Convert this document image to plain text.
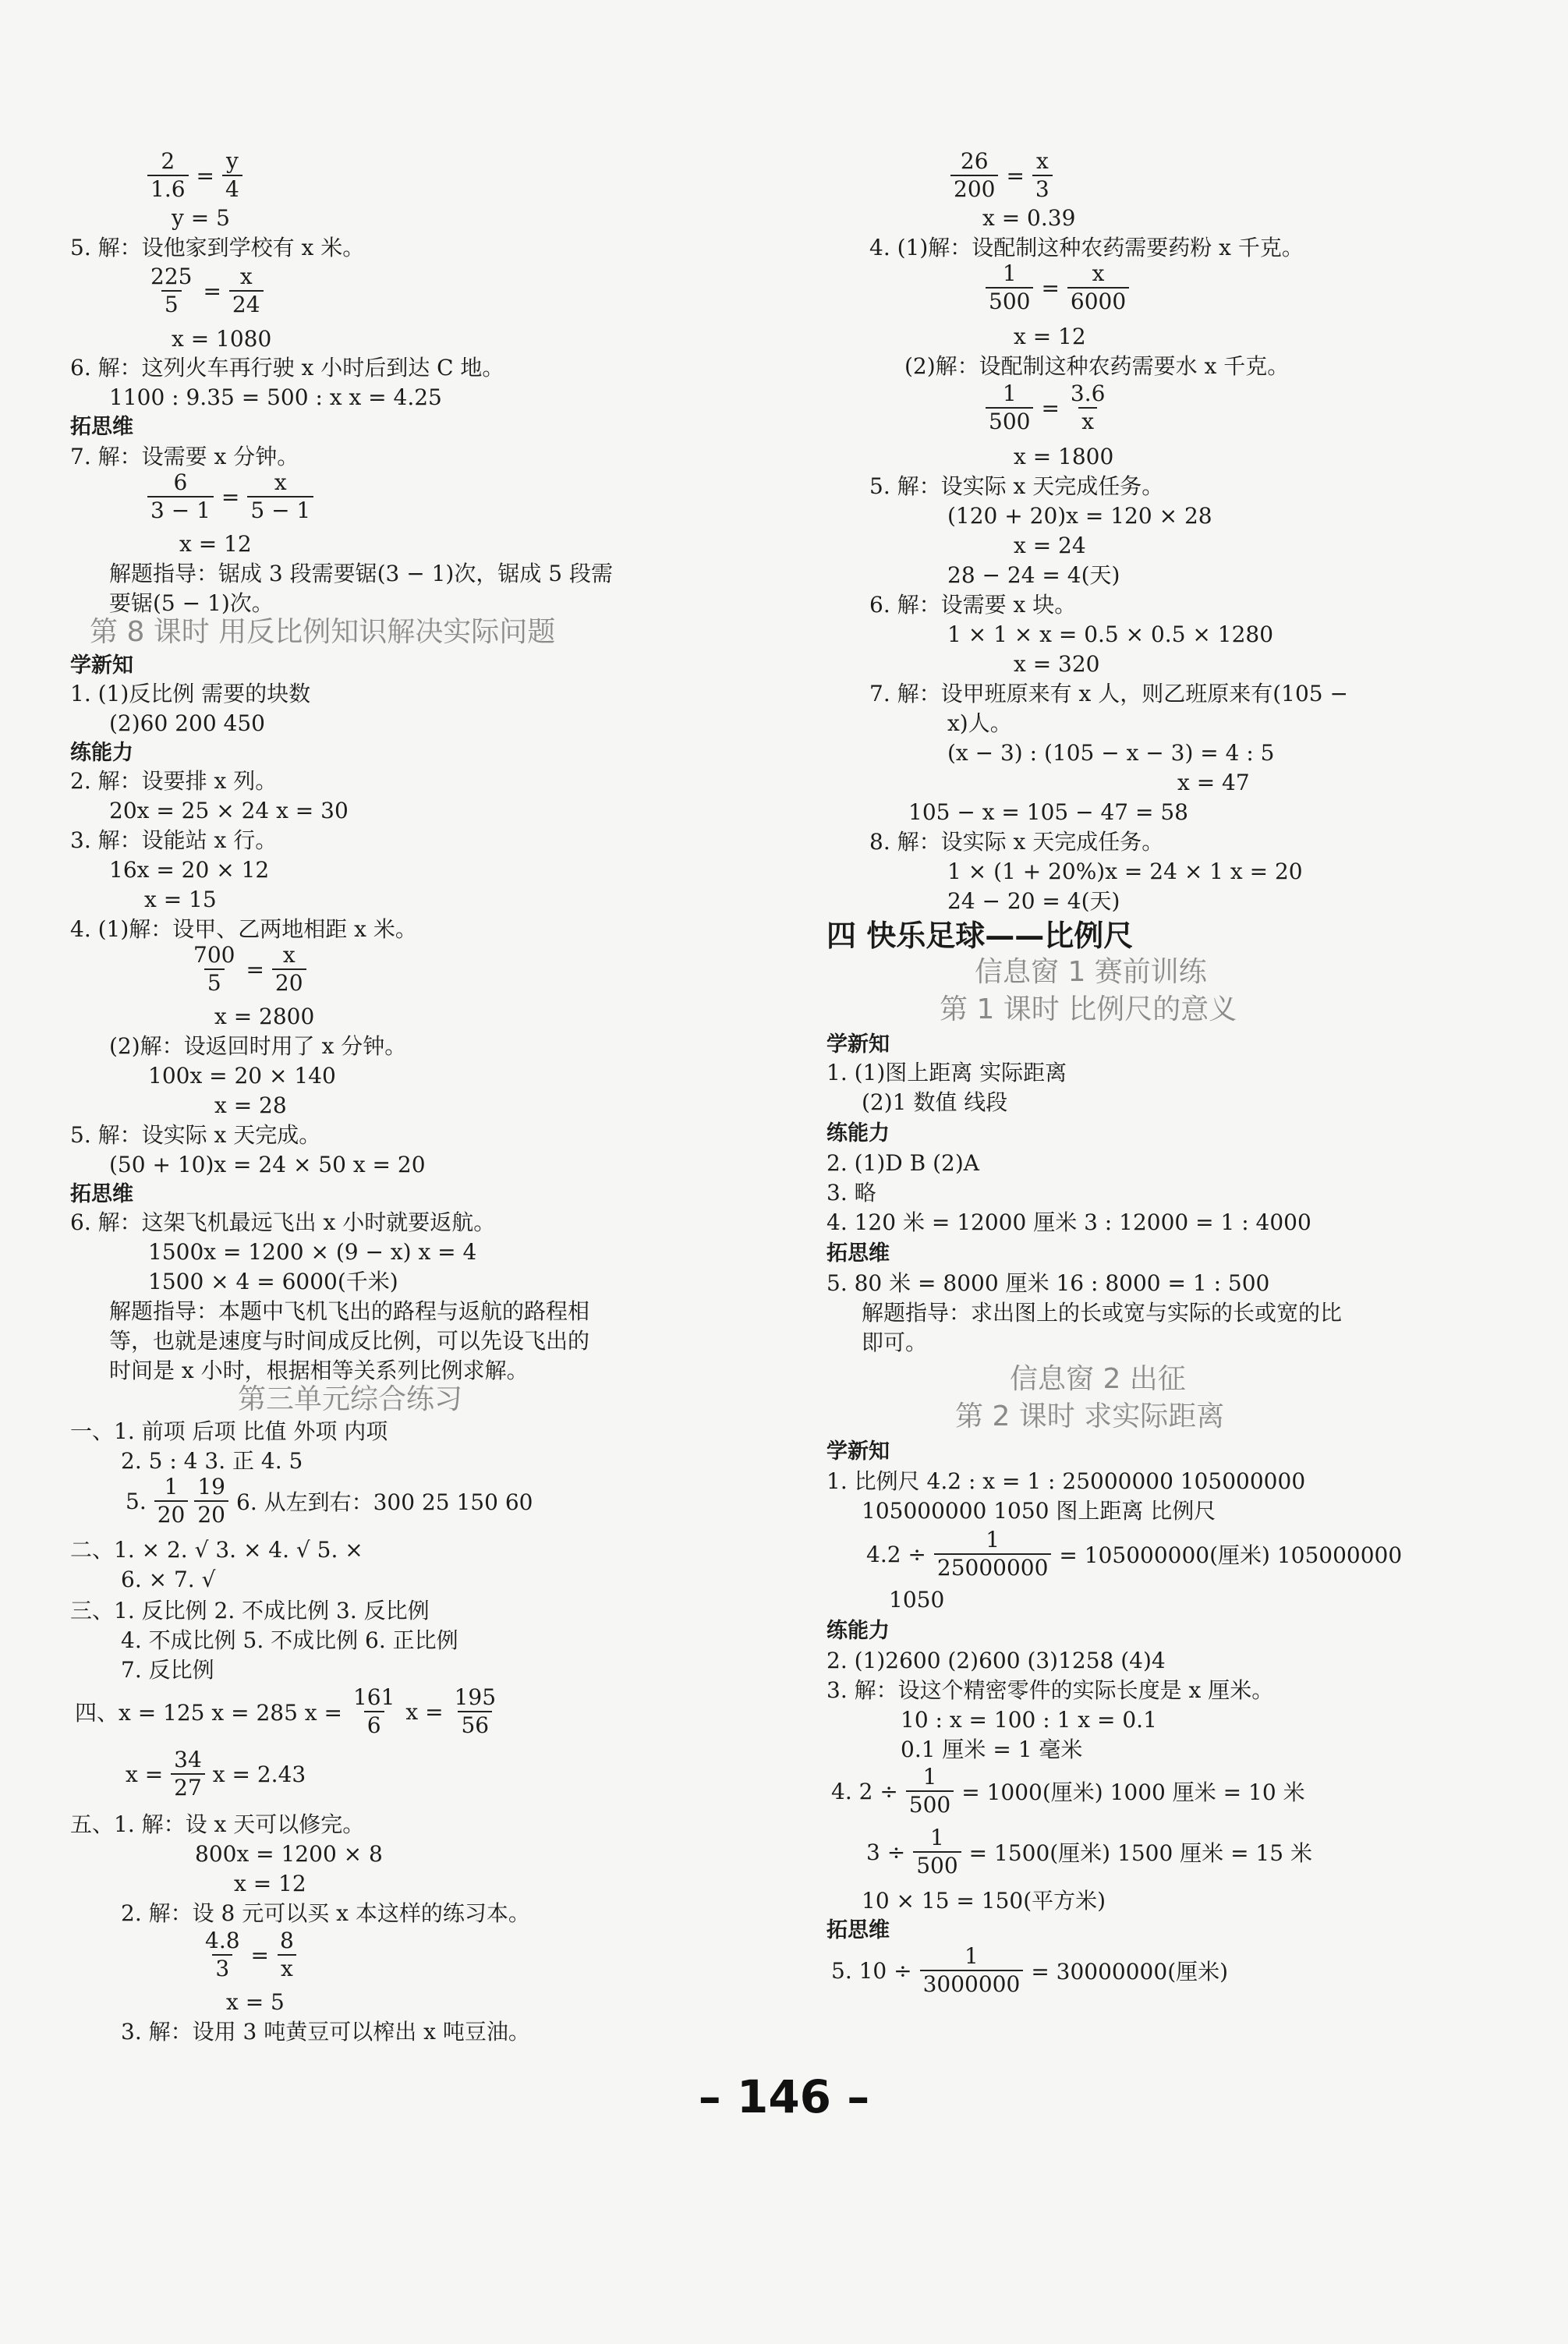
$\frac{2}{1.6} = \frac{y}{4}$
y = 5
5. 解：设他家到学校有 x 米。
$\frac{225}{5} = \frac{x}{24}$
x = 1080
6. 解：这列火车再行驶 x 小时后到达 C 地。
1100 : 9.35 = 500 : x x = 4.25
拓思维
7. 解：设需要 x 分钟。
$\frac{6}{3 - 1} = \frac{x}{5 - 1}$
x = 12
解题指导：锯成 3 段需要锯(3 − 1)次，锯成 5 段需
要锯(5 − 1)次。
第 8 课时 用反比例知识解决实际问题
学新知
1. (1)反比例 需要的块数
(2)60 200 450
练能力
2. 解：设要排 x 列。
20x = 25 × 24 x = 30
3. 解：设能站 x 行。
16x = 20 × 12
x = 15
4. (1)解：设甲、乙两地相距 x 米。
$\frac{700}{5} = \frac{x}{20}$
x = 2800
(2)解：设返回时用了 x 分钟。
100x = 20 × 140
x = 28
5. 解：设实际 x 天完成。
(50 + 10)x = 24 × 50 x = 20
拓思维
6. 解：这架飞机最远飞出 x 小时就要返航。
1500x = 1200 × (9 − x) x = 4
1500 × 4 = 6000(千米)
解题指导：本题中飞机飞出的路程与返航的路程相
等，也就是速度与时间成反比例，可以先设飞出的
时间是 x 小时，根据相等关系列比例求解。
第三单元综合练习
一、1. 前项 后项 比值 外项 内项
2. 5 : 4 3. 正 4. 5
5. $\frac{1}{20} \frac{19}{20} 6$. 从左到右：300 25 150 60
二、1. × 2. √ 3. × 4. √ 5. ×
6. × 7. √
三、1. 反比例 2. 不成比例 3. 反比例
4. 不成比例 5. 不成比例 6. 正比例
7. 反比例
四、x = 125 x = 285 $x = \frac{161}{6}$ $x = \frac{195}{56}$
$x = \frac{34}{27}$ x = 2.43
五、1. 解：设 x 天可以修完。
800x = 1200 × 8
x = 12
2. 解：设 8 元可以买 x 本这样的练习本。
$\frac{4.8}{3} = \frac{8}{x}$
x = 5
3. 解：设用 3 吨黄豆可以榨出 x 吨豆油。
$\frac{26}{200} = \frac{x}{3}$
x = 0.39
4. (1)解：设配制这种农药需要药粉 x 千克。
$\frac{1}{500} = \frac{x}{6000}$
x = 12
(2)解：设配制这种农药需要水 x 千克。
$\frac{1}{500} = \frac{3.6}{x}$
x = 1800
5. 解：设实际 x 天完成任务。
(120 + 20)x = 120 × 28
x = 24
28 − 24 = 4(天)
6. 解：设需要 x 块。
1 × 1 × x = 0.5 × 0.5 × 1280
x = 320
7. 解：设甲班原来有 x 人，则乙班原来有(105 −
x)人。
(x − 3) : (105 − x − 3) = 4 : 5
x = 47
105 − x = 105 − 47 = 58
8. 解：设实际 x 天完成任务。
1 × (1 + 20%)x = 24 × 1 x = 20
24 − 20 = 4(天)
四 快乐足球——比例尺
信息窗 1 赛前训练
第 1 课时 比例尺的意义
学新知
1. (1)图上距离 实际距离
(2)1 数值 线段
练能力
2. (1)D B (2)A
3. 略
4. 120 米 = 12000 厘米 3 : 12000 = 1 : 4000
拓思维
5. 80 米 = 8000 厘米 16 : 8000 = 1 : 500
解题指导：求出图上的长或宽与实际的长或宽的比
即可。
信息窗 2 出征
第 2 课时 求实际距离
学新知
1. 比例尺 4.2 : x = 1 : 25000000 105000000
105000000 1050 图上距离 比例尺
$4.2 \div \frac{1}{25000000} = 105000000$(厘米) 105000000
1050
练能力
2. (1)2600 (2)600 (3)1258 (4)4
3. 解：设这个精密零件的实际长度是 x 厘米。
10 : x = 100 : 1 x = 0.1
0.1 厘米 = 1 毫米
4. $2 \div \frac{1}{500} = 1000$(厘米) 1000 厘米 = 10 米
$3 \div \frac{1}{500} = 1500$(厘米) 1500 厘米 = 15 米
10 × 15 = 150(平方米)
拓思维
5. $10 \div \frac{1}{3000000} = 30000000$(厘米)
– 146 –
